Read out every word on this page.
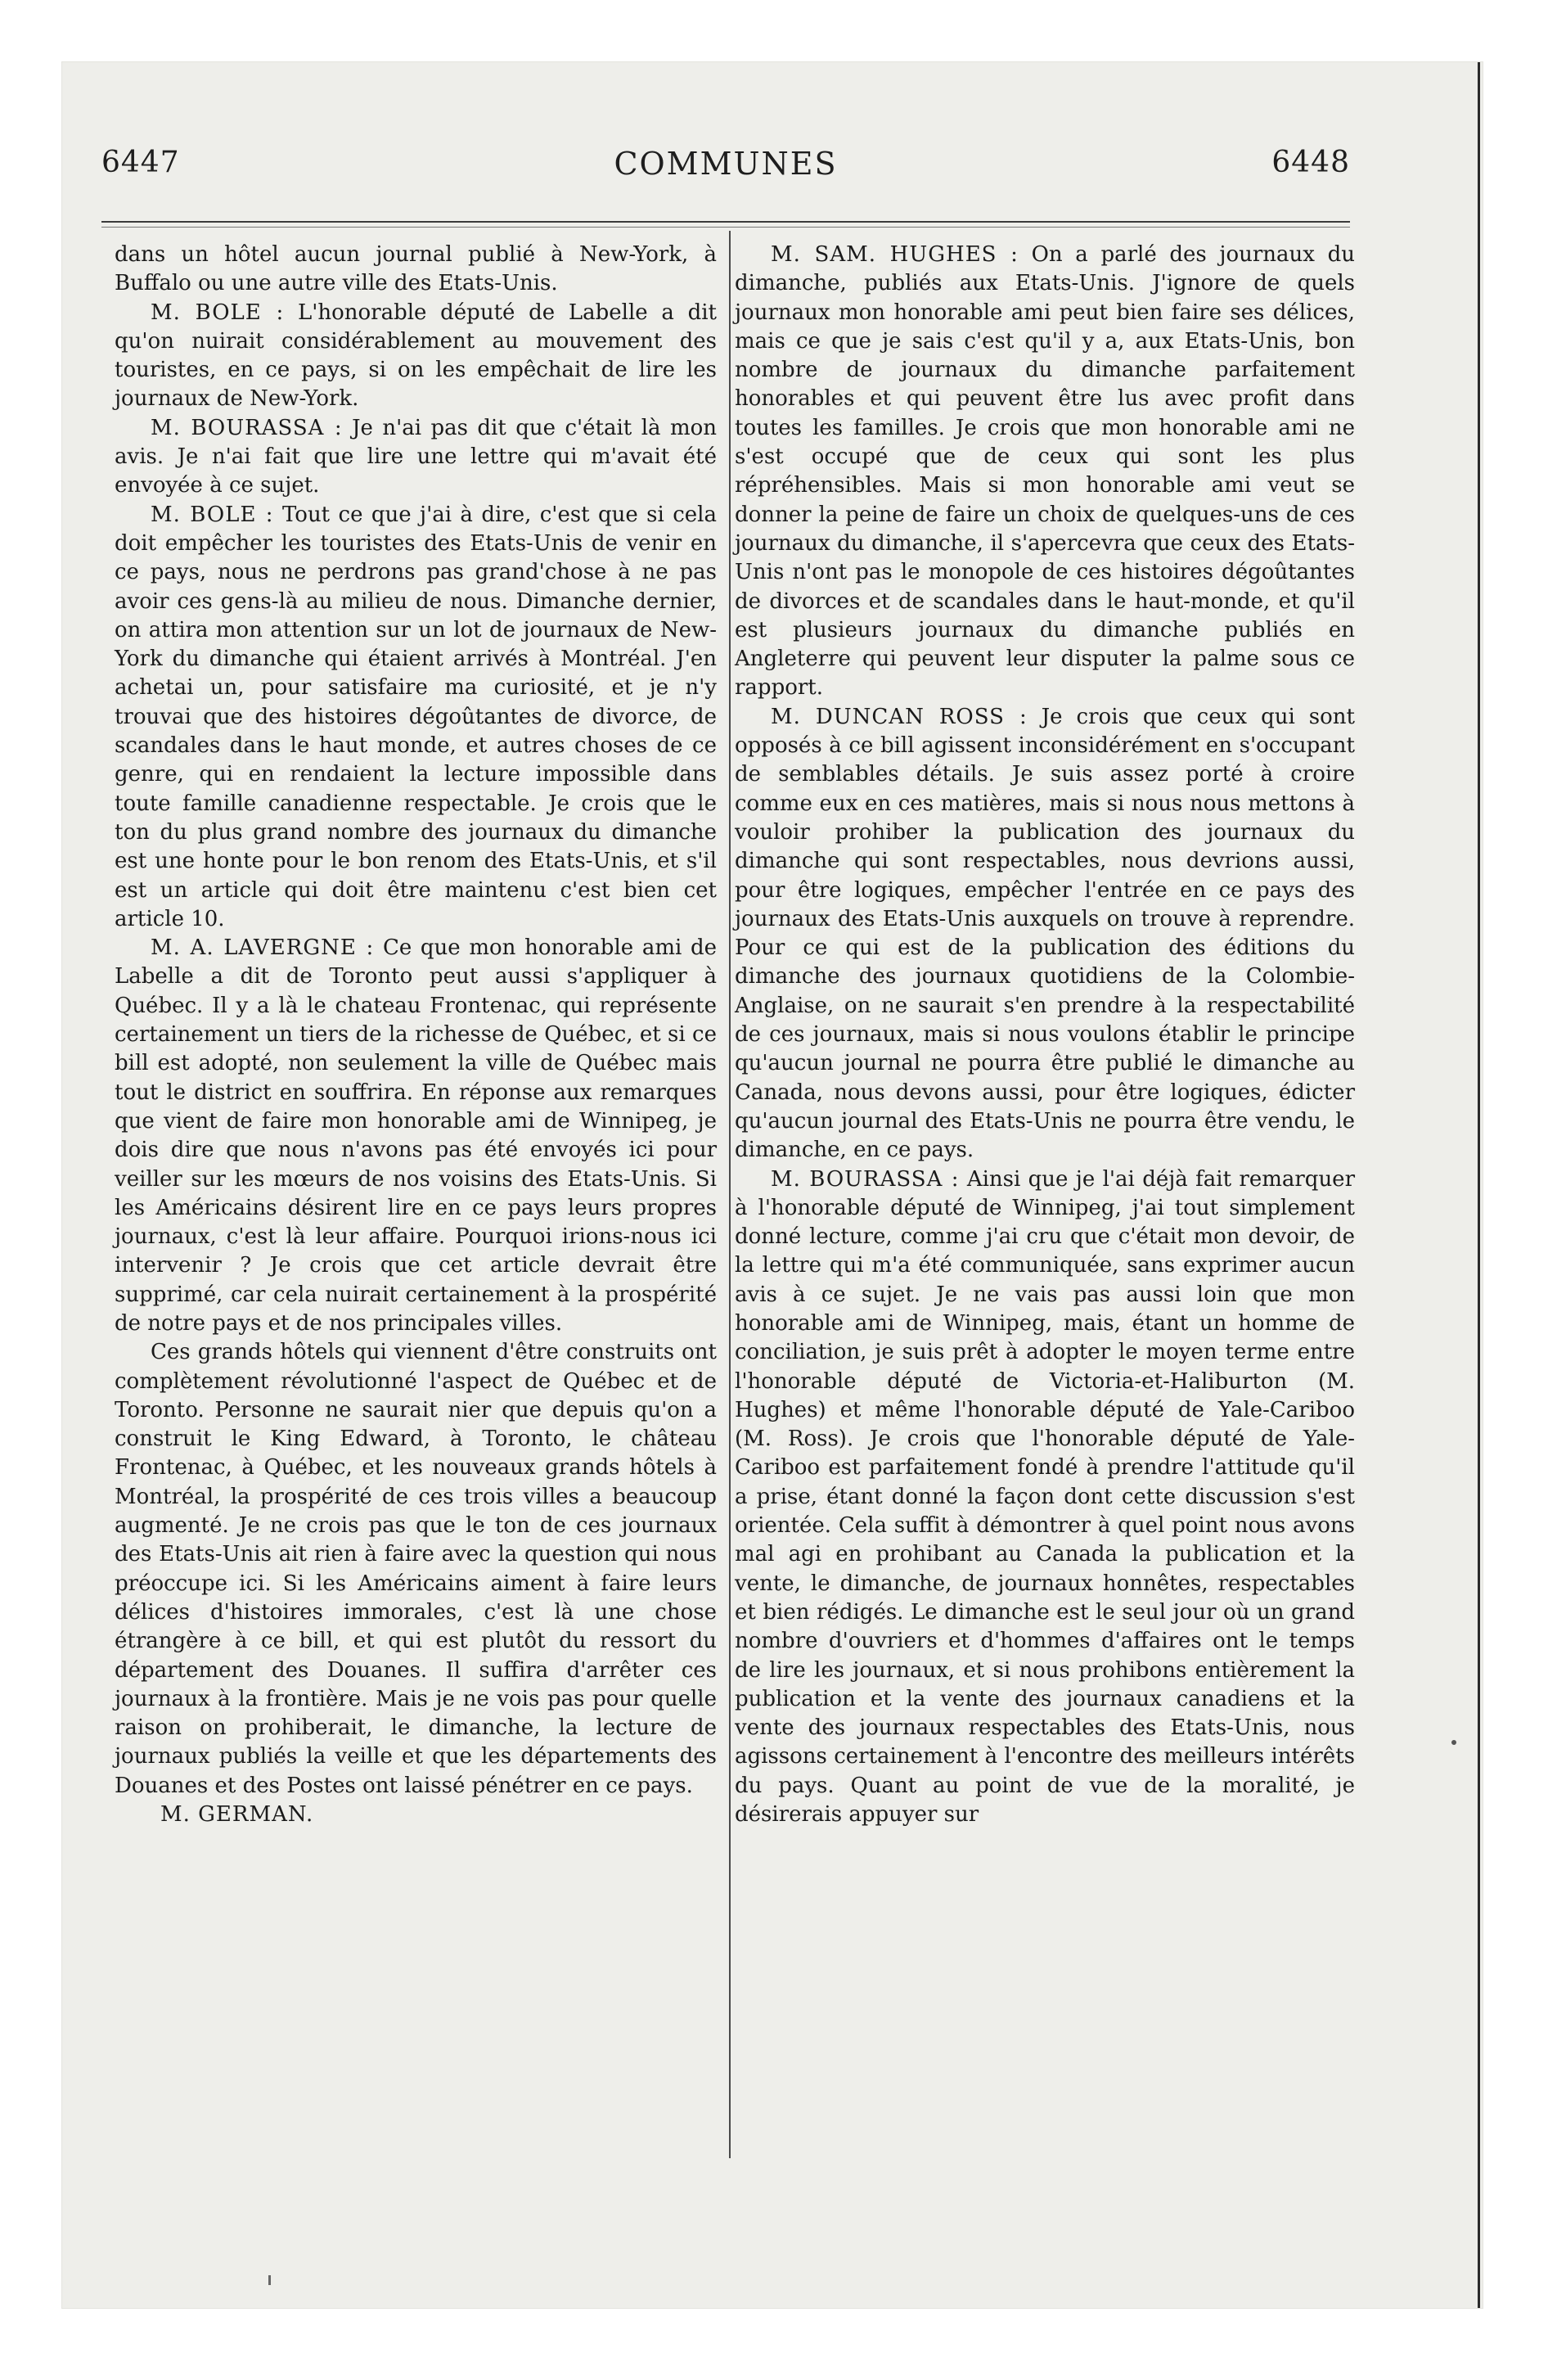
6447	COMMUNES	6448

dans un hôtel aucun journal publié à New-York, à Buffalo ou une autre ville des Etats-Unis.

M. BOLE : L'honorable député de Labelle a dit qu'on nuirait considérablement au mouvement des touristes, en ce pays, si on les empêchait de lire les journaux de New-York.

M. BOURASSA : Je n'ai pas dit que c'était là mon avis. Je n'ai fait que lire une lettre qui m'avait été envoyée à ce sujet.

M. BOLE : Tout ce que j'ai à dire, c'est que si cela doit empêcher les touristes des Etats-Unis de venir en ce pays, nous ne perdrons pas grand'chose à ne pas avoir ces gens-là au milieu de nous. Dimanche dernier, on attira mon attention sur un lot de journaux de New-York du dimanche qui étaient arrivés à Montréal. J'en achetai un, pour satisfaire ma curiosité, et je n'y trouvai que des histoires dégoûtantes de divorce, de scandales dans le haut monde, et autres choses de ce genre, qui en rendaient la lecture impossible dans toute famille canadienne respectable. Je crois que le ton du plus grand nombre des journaux du dimanche est une honte pour le bon renom des Etats-Unis, et s'il est un article qui doit être maintenu c'est bien cet article 10.

M. A. LAVERGNE : Ce que mon honorable ami de Labelle a dit de Toronto peut aussi s'appliquer à Québec. Il y a là le chateau Frontenac, qui représente certainement un tiers de la richesse de Québec, et si ce bill est adopté, non seulement la ville de Québec mais tout le district en souffrira. En réponse aux remarques que vient de faire mon honorable ami de Winnipeg, je dois dire que nous n'avons pas été envoyés ici pour veiller sur les mœurs de nos voisins des Etats-Unis. Si les Américains désirent lire en ce pays leurs propres journaux, c'est là leur affaire. Pourquoi irions-nous ici intervenir ? Je crois que cet article devrait être supprimé, car cela nuirait certainement à la prospérité de notre pays et de nos principales villes.

Ces grands hôtels qui viennent d'être construits ont complètement révolutionné l'aspect de Québec et de Toronto. Personne ne saurait nier que depuis qu'on a construit le King Edward, à Toronto, le château Frontenac, à Québec, et les nouveaux grands hôtels à Montréal, la prospérité de ces trois villes a beaucoup augmenté. Je ne crois pas que le ton de ces journaux des Etats-Unis ait rien à faire avec la question qui nous préoccupe ici. Si les Américains aiment à faire leurs délices d'histoires immorales, c'est là une chose étrangère à ce bill, et qui est plutôt du ressort du département des Douanes. Il suffira d'arrêter ces journaux à la frontière. Mais je ne vois pas pour quelle raison on prohiberait, le dimanche, la lecture de journaux publiés la veille et que les départements des Douanes et des Postes ont laissé pénétrer en ce pays.

M. GERMAN.

M. SAM. HUGHES : On a parlé des journaux du dimanche, publiés aux Etats-Unis. J'ignore de quels journaux mon honorable ami peut bien faire ses délices, mais ce que je sais c'est qu'il y a, aux Etats-Unis, bon nombre de journaux du dimanche parfaitement honorables et qui peuvent être lus avec profit dans toutes les familles. Je crois que mon honorable ami ne s'est occupé que de ceux qui sont les plus répréhensibles. Mais si mon honorable ami veut se donner la peine de faire un choix de quelques-uns de ces journaux du dimanche, il s'apercevra que ceux des Etats-Unis n'ont pas le monopole de ces histoires dégoûtantes de divorces et de scandales dans le haut-monde, et qu'il est plusieurs journaux du dimanche publiés en Angleterre qui peuvent leur disputer la palme sous ce rapport.

M. DUNCAN ROSS : Je crois que ceux qui sont opposés à ce bill agissent inconsidérément en s'occupant de semblables détails. Je suis assez porté à croire comme eux en ces matières, mais si nous nous mettons à vouloir prohiber la publication des journaux du dimanche qui sont respectables, nous devrions aussi, pour être logiques, empêcher l'entrée en ce pays des journaux des Etats-Unis auxquels on trouve à reprendre. Pour ce qui est de la publication des éditions du dimanche des journaux quotidiens de la Colombie-Anglaise, on ne saurait s'en prendre à la respectabilité de ces journaux, mais si nous voulons établir le principe qu'aucun journal ne pourra être publié le dimanche au Canada, nous devons aussi, pour être logiques, édicter qu'aucun journal des Etats-Unis ne pourra être vendu, le dimanche, en ce pays.

M. BOURASSA : Ainsi que je l'ai déjà fait remarquer à l'honorable député de Winnipeg, j'ai tout simplement donné lecture, comme j'ai cru que c'était mon devoir, de la lettre qui m'a été communiquée, sans exprimer aucun avis à ce sujet. Je ne vais pas aussi loin que mon honorable ami de Winnipeg, mais, étant un homme de conciliation, je suis prêt à adopter le moyen terme entre l'honorable député de Victoria-et-Haliburton (M. Hughes) et même l'honorable député de Yale-Cariboo (M. Ross). Je crois que l'honorable député de Yale-Cariboo est parfaitement fondé à prendre l'attitude qu'il a prise, étant donné la façon dont cette discussion s'est orientée. Cela suffit à démontrer à quel point nous avons mal agi en prohibant au Canada la publication et la vente, le dimanche, de journaux honnêtes, respectables et bien rédigés. Le dimanche est le seul jour où un grand nombre d'ouvriers et d'hommes d'affaires ont le temps de lire les journaux, et si nous prohibons entièrement la publication et la vente des journaux canadiens et la vente des journaux respectables des Etats-Unis, nous agissons certainement à l'encontre des meilleurs intérêts du pays. Quant au point de vue de la moralité, je désirerais appuyer sur
